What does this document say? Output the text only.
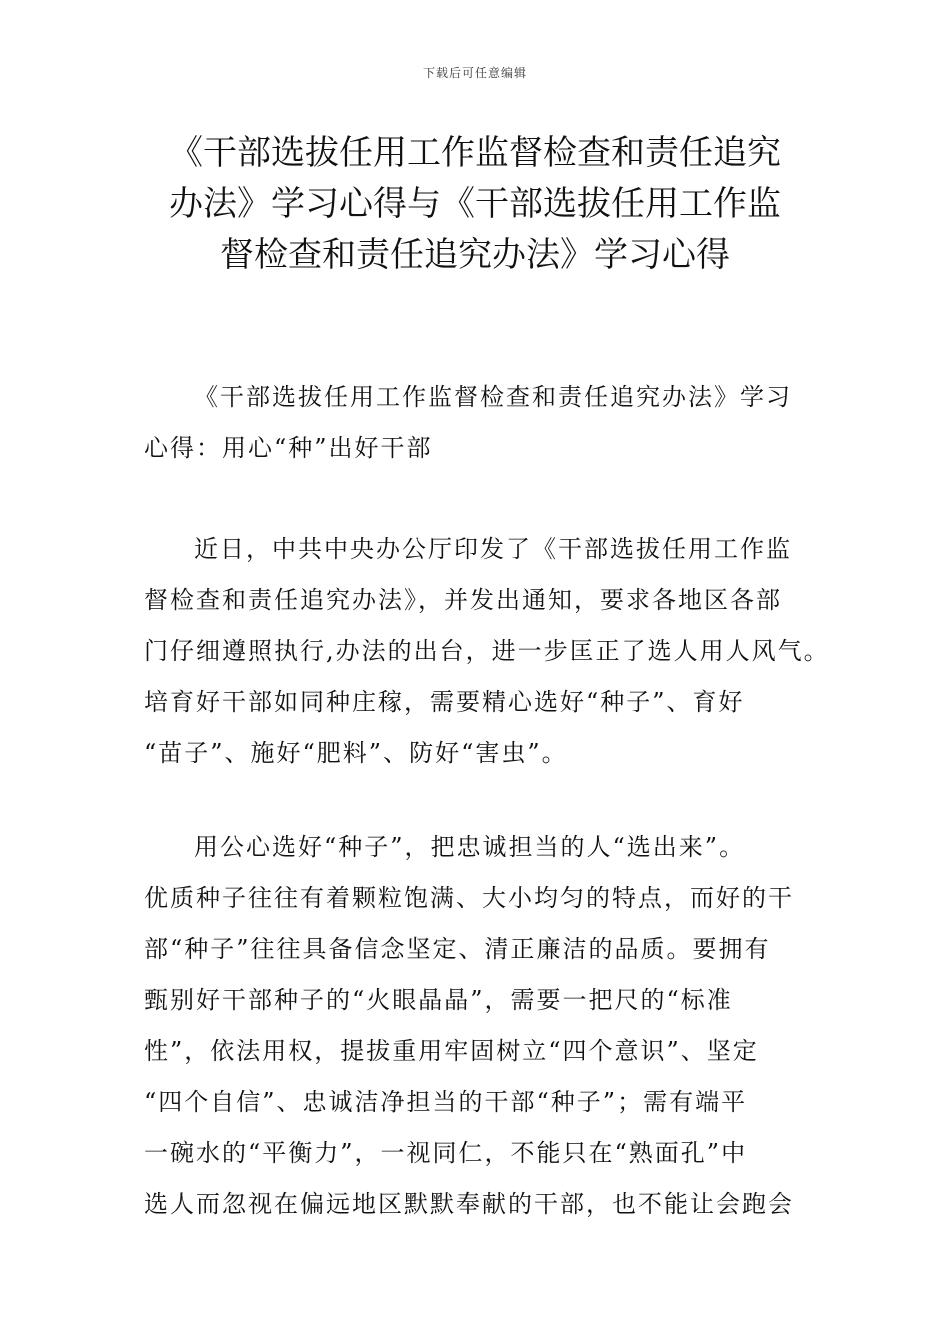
下载后可任意编辑
《干部选拔任用工作监督检查和责任追究
办法》学习心得与《干部选拔任用工作监
督检查和责任追究办法》学习心得
《干部选拔任用工作监督检查和责任追究办法》学习
心得：用心“种”出好干部
近日，中共中央办公厅印发了《干部选拔任用工作监
督检查和责任追究办法》，并发出通知，要求各地区各部
门仔细遵照执行,办法的出台，进一步匡正了选人用人风气。
培育好干部如同种庄稼，需要精心选好“种子”、育好
“苗子”、施好“肥料”、防好“害虫”。
用公心选好“种子”，把忠诚担当的人“选出来”。
优质种子往往有着颗粒饱满、大小均匀的特点，而好的干
部“种子”往往具备信念坚定、清正廉洁的品质。要拥有
甄别好干部种子的“火眼晶晶”，需要一把尺的“标准
性”，依法用权，提拔重用牢固树立“四个意识”、坚定
“四个自信”、忠诚洁净担当的干部“种子”；需有端平
一碗水的“平衡力”，一视同仁，不能只在“熟面孔”中
选人而忽视在偏远地区默默奉献的干部，也不能让会跑会
